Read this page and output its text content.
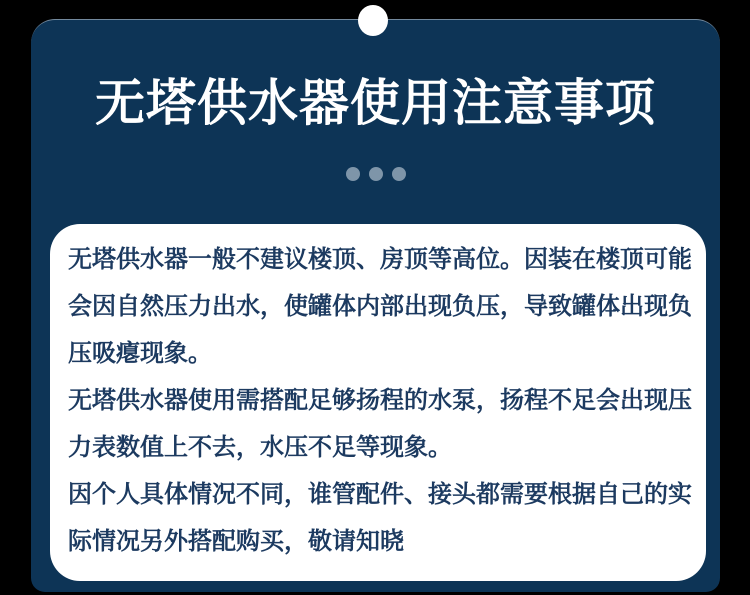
无塔供水器使用注意事项

无塔供水器一般不建议楼顶、房顶等高位。因装在楼顶可能会因自然压力出水，使罐体内部出现负压，导致罐体出现负压吸瘪现象。

无塔供水器使用需搭配足够扬程的水泵，扬程不足会出现压力表数值上不去，水压不足等现象。

因个人具体情况不同，谁管配件、接头都需要根据自己的实际情况另外搭配购买，敬请知晓
